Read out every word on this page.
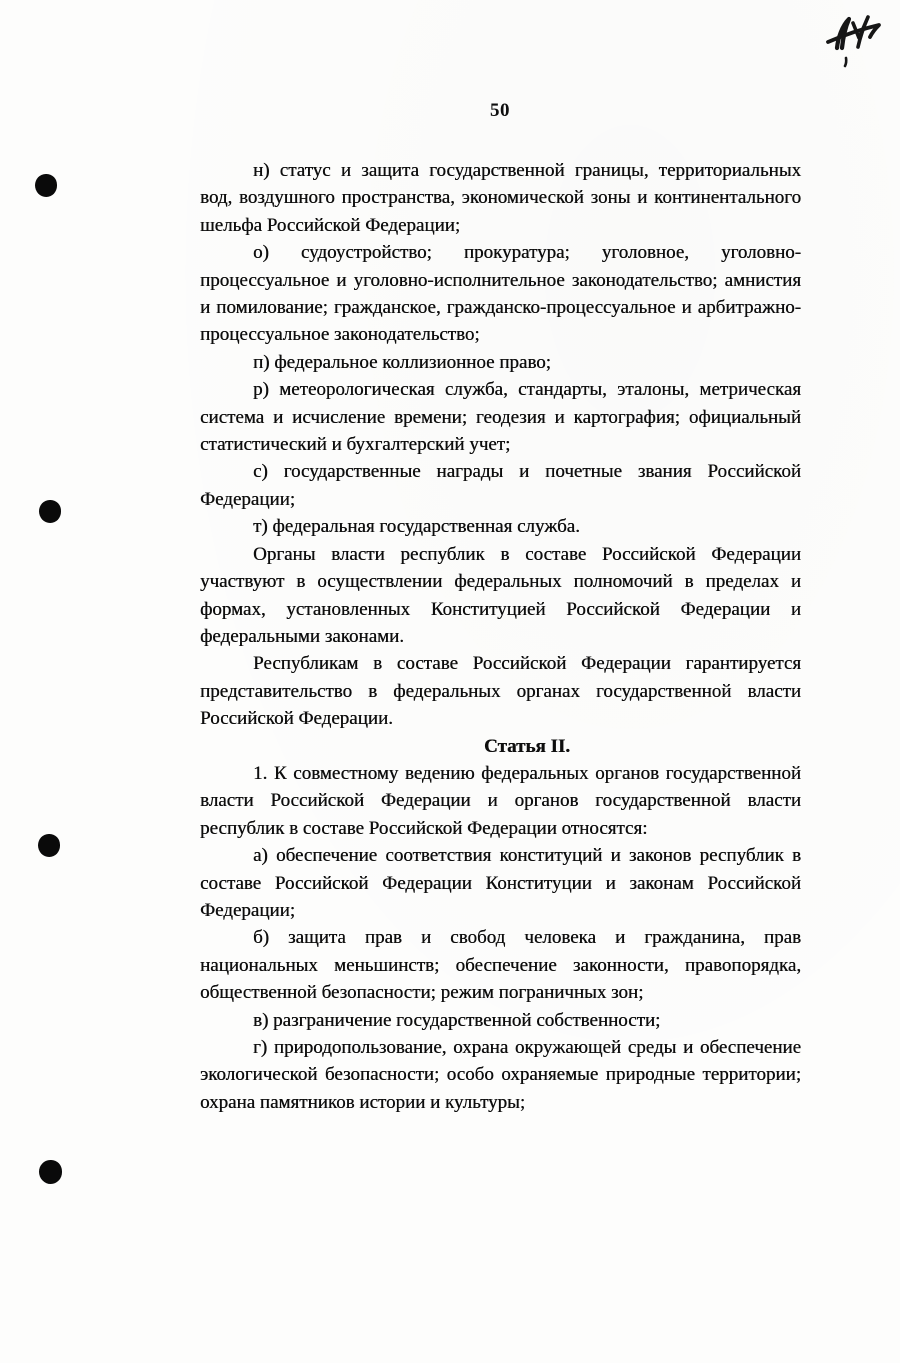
50

н) статус и защита государственной границы, территориальных вод, воздушного пространства, экономической зоны и континентального шельфа Российской Федерации;

о) судоустройство; прокуратура; уголовное, уголовно-процессуальное и уголовно-исполнительное законодательство; амнистия и помилование; гражданское, гражданско-процессуальное и арбитражно-процессуальное законодательство;

п) федеральное коллизионное право;

р) метеорологическая служба, стандарты, эталоны, метрическая система и исчисление времени; геодезия и картография; официальный статистический и бухгалтерский учет;

с) государственные награды и почетные звания Российской Федерации;

т) федеральная государственная служба.

Органы власти республик в составе Российской Федерации участвуют в осуществлении федеральных полномочий в пределах и формах, установленных Конституцией Российской Федерации и федеральными законами.

Республикам в составе Российской Федерации гарантируется представительство в федеральных органах государственной власти Российской Федерации.

Статья II.

1. К совместному ведению федеральных органов государственной власти Российской Федерации и органов государственной власти республик в составе Российской Федерации относятся:

а) обеспечение соответствия конституций и законов республик в составе Российской Федерации Конституции и законам Российской Федерации;

б) защита прав и свобод человека и гражданина, прав национальных меньшинств; обеспечение законности, правопорядка, общественной безопасности; режим пограничных зон;

в) разграничение государственной собственности;

г) природопользование, охрана окружающей среды и обеспечение экологической безопасности; особо охраняемые природные территории; охрана памятников истории и культуры;
